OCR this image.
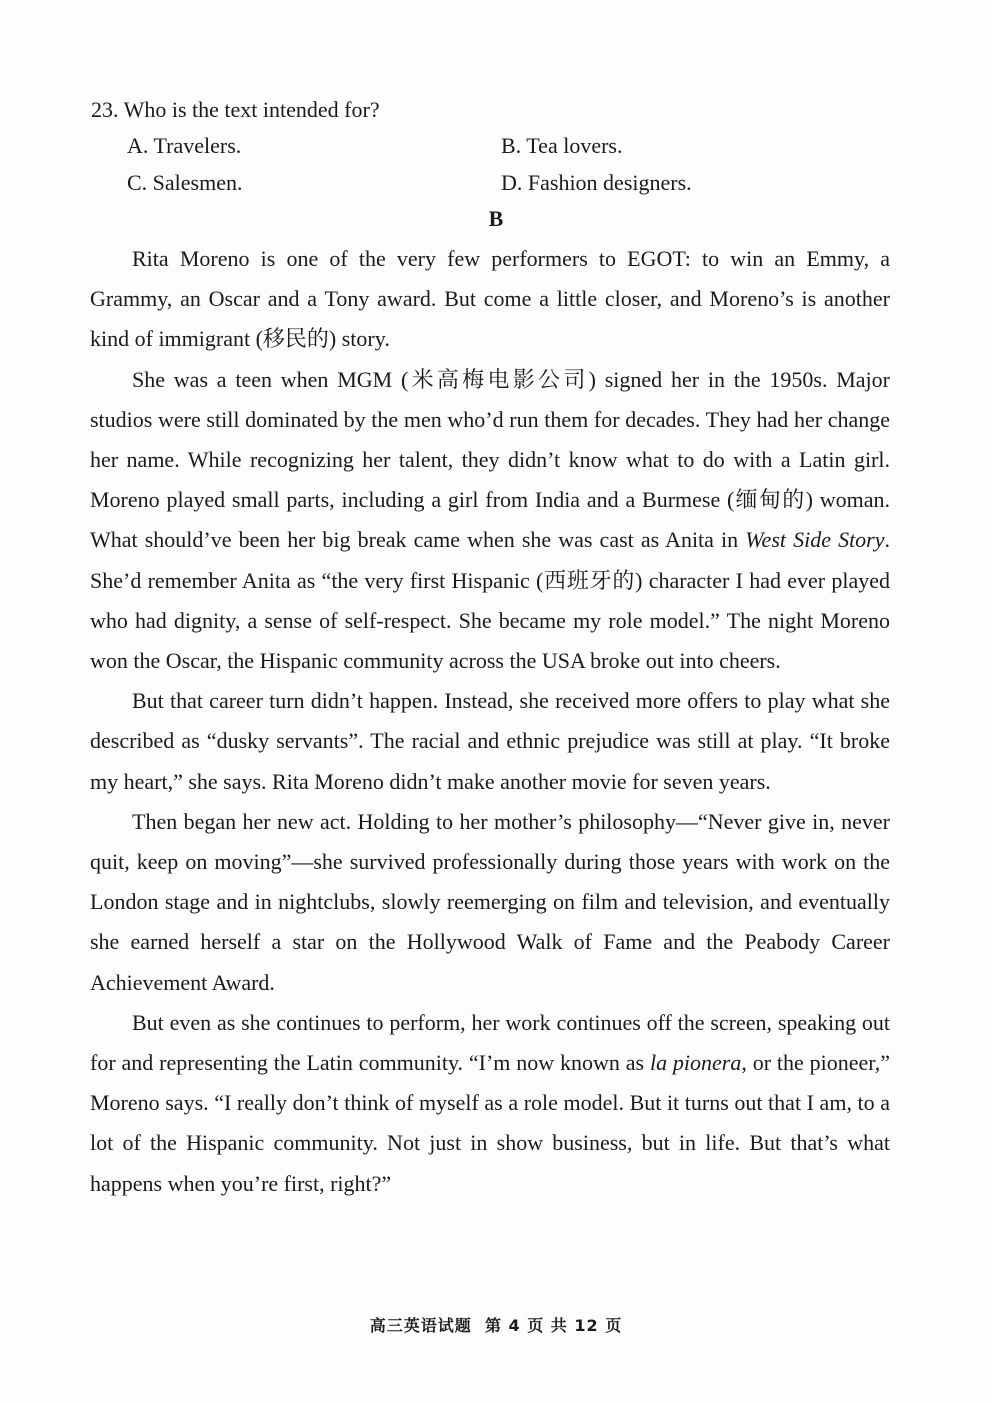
23. Who is the text intended for?

A. Travelers.	B. Tea lovers.
C. Salesmen.	D. Fashion designers.
B

Rita Moreno is one of the very few performers to EGOT: to win an Emmy, a Grammy, an Oscar and a Tony award. But come a little closer, and Moreno’s is another kind of immigrant (移民的) story.

She was a teen when MGM (米高梅电影公司) signed her in the 1950s. Major studios were still dominated by the men who’d run them for decades. They had her change her name. While recognizing her talent, they didn’t know what to do with a Latin girl. Moreno played small parts, including a girl from India and a Burmese (缅甸的) woman. What should’ve been her big break came when she was cast as Anita in West Side Story. She’d remember Anita as “the very first Hispanic (西班牙的) character I had ever played who had dignity, a sense of self-respect. She became my role model.” The night Moreno won the Oscar, the Hispanic community across the USA broke out into cheers.

But that career turn didn’t happen. Instead, she received more offers to play what she described as “dusky servants”. The racial and ethnic prejudice was still at play. “It broke my heart,” she says. Rita Moreno didn’t make another movie for seven years.

Then began her new act. Holding to her mother’s philosophy—“Never give in, never quit, keep on moving”—she survived professionally during those years with work on the London stage and in nightclubs, slowly reemerging on film and television, and eventually she earned herself a star on the Hollywood Walk of Fame and the Peabody Career Achievement Award.

But even as she continues to perform, her work continues off the screen, speaking out for and representing the Latin community. “I’m now known as la pionera, or the pioneer,” Moreno says. “I really don’t think of myself as a role model. But it turns out that I am, to a lot of the Hispanic community. Not just in show business, but in life. But that’s what happens when you’re first, right?”

高三英语试题  第 4 页 共 12 页
